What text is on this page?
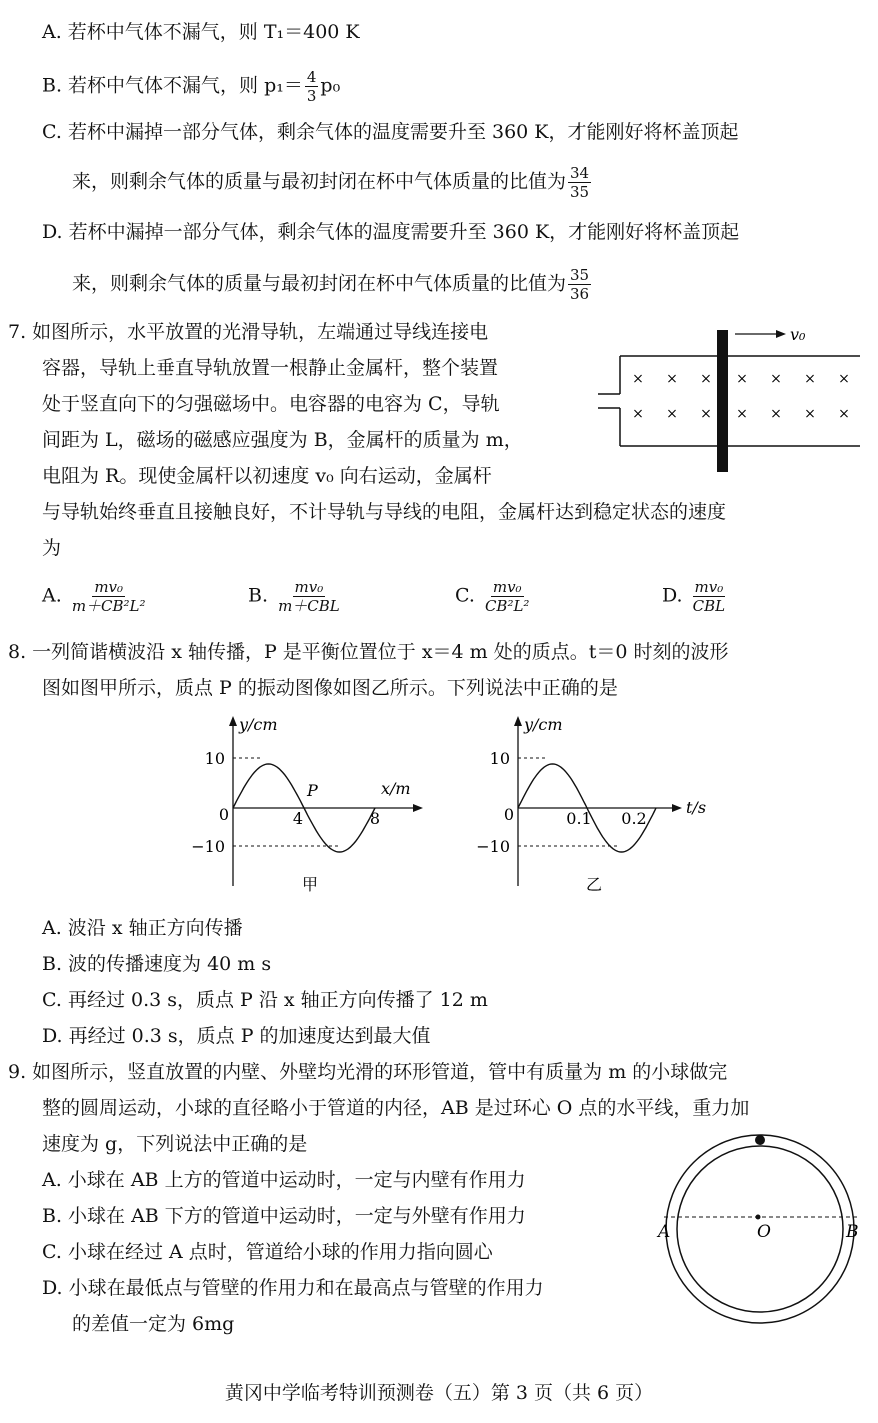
A. 若杯中气体不漏气，则 T₁＝400 K
B. 若杯中气体不漏气，则 $p_1= \frac{4}{3} p_0$
C. 若杯中漏掉一部分气体，剩余气体的温度需要升至 360 K，才能刚好将杯盖顶起
来，则剩余气体的质量与最初封闭在杯中气体质量的比值为 $\frac{34}{35}$
D. 若杯中漏掉一部分气体，剩余气体的温度需要升至 360 K，才能刚好将杯盖顶起
来，则剩余气体的质量与最初封闭在杯中气体质量的比值为 $\frac{35}{36}$
7. 如图所示，水平放置的光滑导轨，左端通过导线连接电
容器，导轨上垂直导轨放置一根静止金属杆，整个装置
处于竖直向下的匀强磁场中。电容器的电容为 C，导轨
间距为 L，磁场的磁感应强度为 B，金属杆的质量为 m，
电阻为 R。现使金属杆以初速度 v₀ 向右运动，金属杆
与导轨始终垂直且接触良好，不计导轨与导线的电阻，金属杆达到稳定状态的速度
为
v₀
× × × × × × ×
× × × × × × ×
A. $\frac{\text{mv₀}}{\text{m＋CB²L²}}$	B. $\frac{\text{mv₀}}{\text{m＋CBL}}$	C. $\frac{\text{mv₀}}{\text{CB²L²}}$	D. $\frac{\text{mv₀}}{\text{CBL}}$
8. 一列简谐横波沿 x 轴传播，P 是平衡位置位于 x＝4 m 处的质点。t＝0 时刻的波形
图如图甲所示，质点 P 的振动图像如图乙所示。下列说法中正确的是
y/cm
x/m
10
0
−10
4	8
P
甲
y/cm
t/s
10
0
−10
0.1 0.2
乙
A. 波沿 x 轴正方向传播
B. 波的传播速度为 40 m s
C. 再经过 0.3 s，质点 P 沿 x 轴正方向传播了 12 m
D. 再经过 0.3 s，质点 P 的加速度达到最大值
9. 如图所示，竖直放置的内壁、外壁均光滑的环形管道，管中有质量为 m 的小球做完
整的圆周运动，小球的直径略小于管道的内径，AB 是过环心 O 点的水平线，重力加
速度为 g，下列说法中正确的是
A. 小球在 AB 上方的管道中运动时，一定与内壁有作用力
B. 小球在 AB 下方的管道中运动时，一定与外壁有作用力
C. 小球在经过 A 点时，管道给小球的作用力指向圆心
D. 小球在最低点与管壁的作用力和在最高点与管壁的作用力
的差值一定为 6mg
A	B
O
黄冈中学临考特训预测卷（五）第 3 页（共 6 页）
